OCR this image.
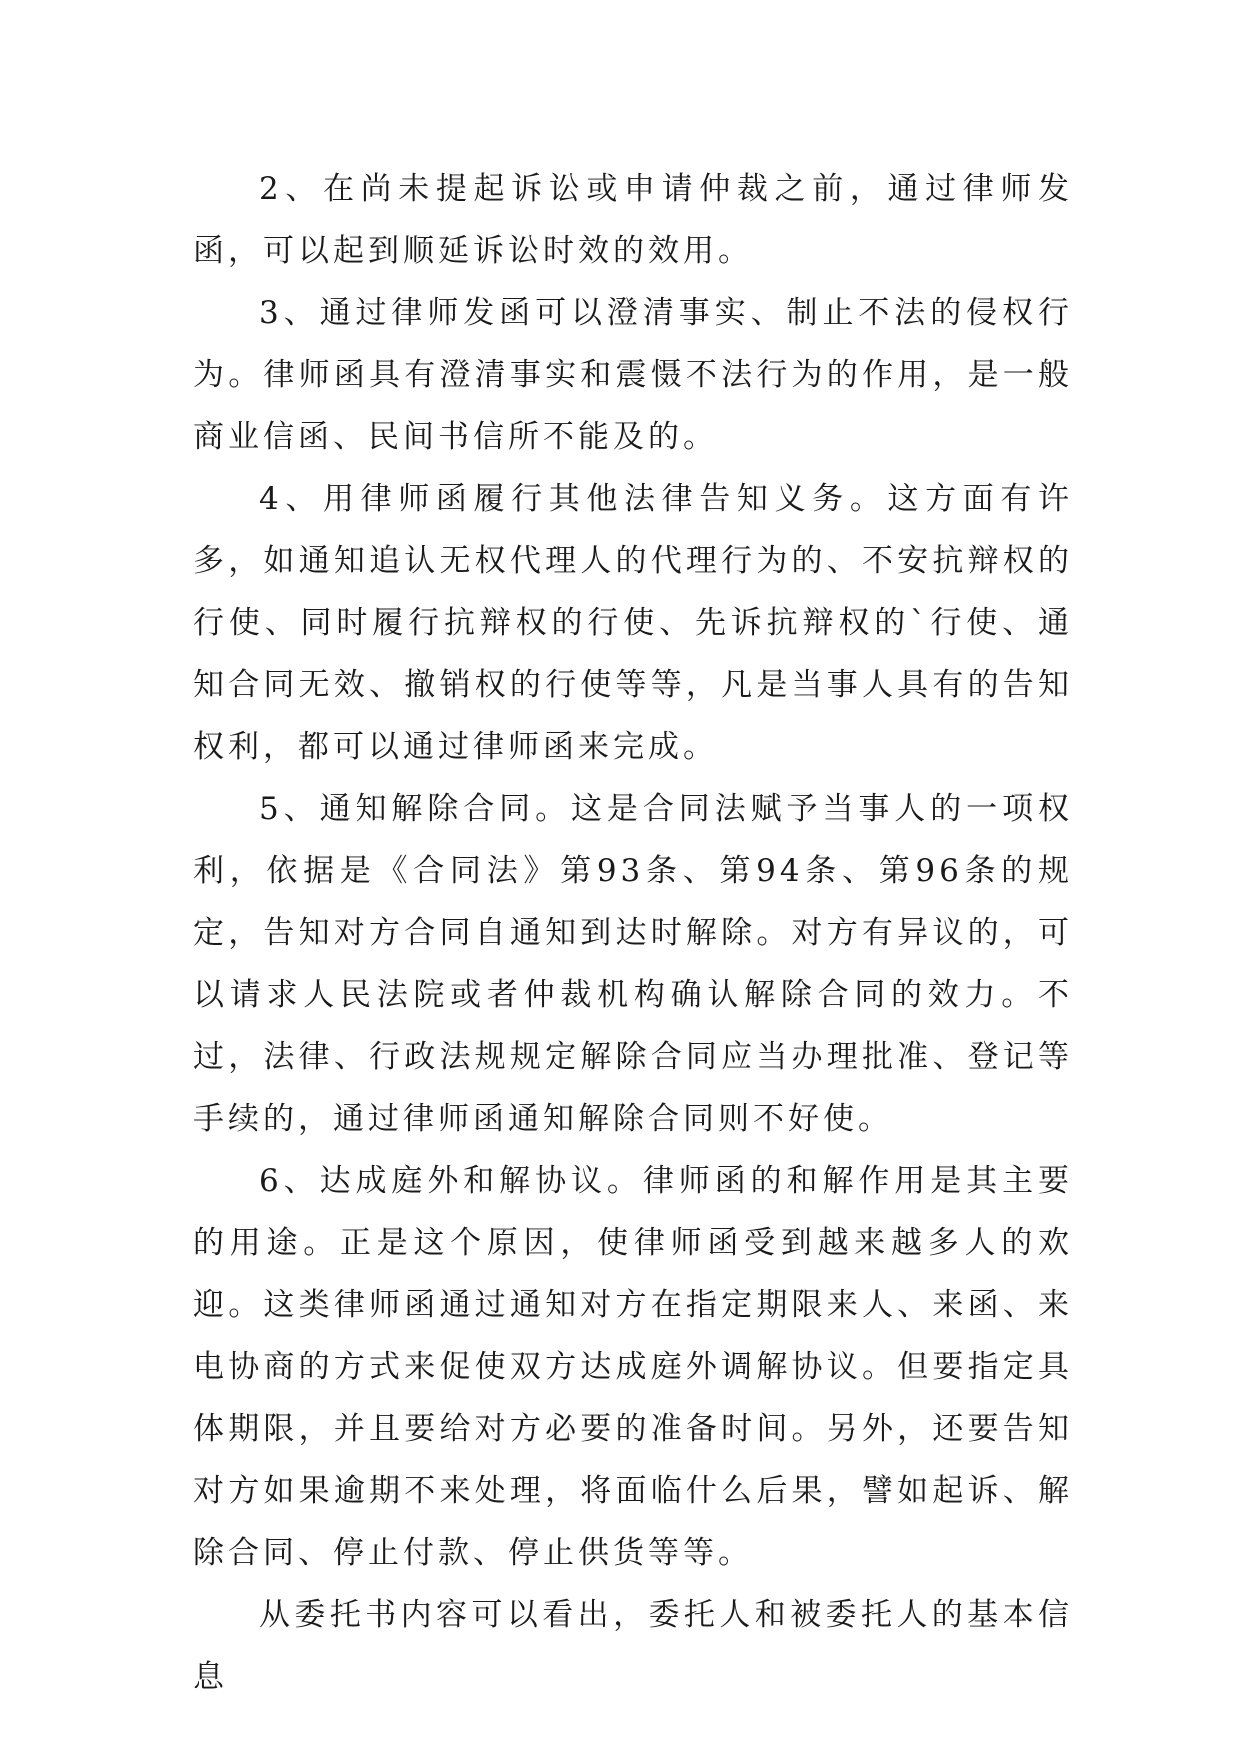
2、在尚未提起诉讼或申请仲裁之前，通过律师发函，可以起到顺延诉讼时效的效用。

3、通过律师发函可以澄清事实、制止不法的侵权行为。律师函具有澄清事实和震慑不法行为的作用，是一般商业信函、民间书信所不能及的。

4、用律师函履行其他法律告知义务。这方面有许多，如通知追认无权代理人的代理行为的、不安抗辩权的行使、同时履行抗辩权的行使、先诉抗辩权的`行使、通知合同无效、撤销权的行使等等，凡是当事人具有的告知权利，都可以通过律师函来完成。

5、通知解除合同。这是合同法赋予当事人的一项权利，依据是《合同法》第93条、第94条、第96条的规定，告知对方合同自通知到达时解除。对方有异议的，可以请求人民法院或者仲裁机构确认解除合同的效力。不过，法律、行政法规规定解除合同应当办理批准、登记等手续的，通过律师函通知解除合同则不好使。

6、达成庭外和解协议。律师函的和解作用是其主要的用途。正是这个原因，使律师函受到越来越多人的欢迎。这类律师函通过通知对方在指定期限来人、来函、来电协商的方式来促使双方达成庭外调解协议。但要指定具体期限，并且要给对方必要的准备时间。另外，还要告知对方如果逾期不来处理，将面临什么后果，譬如起诉、解除合同、停止付款、停止供货等等。

从委托书内容可以看出，委托人和被委托人的基本信息
